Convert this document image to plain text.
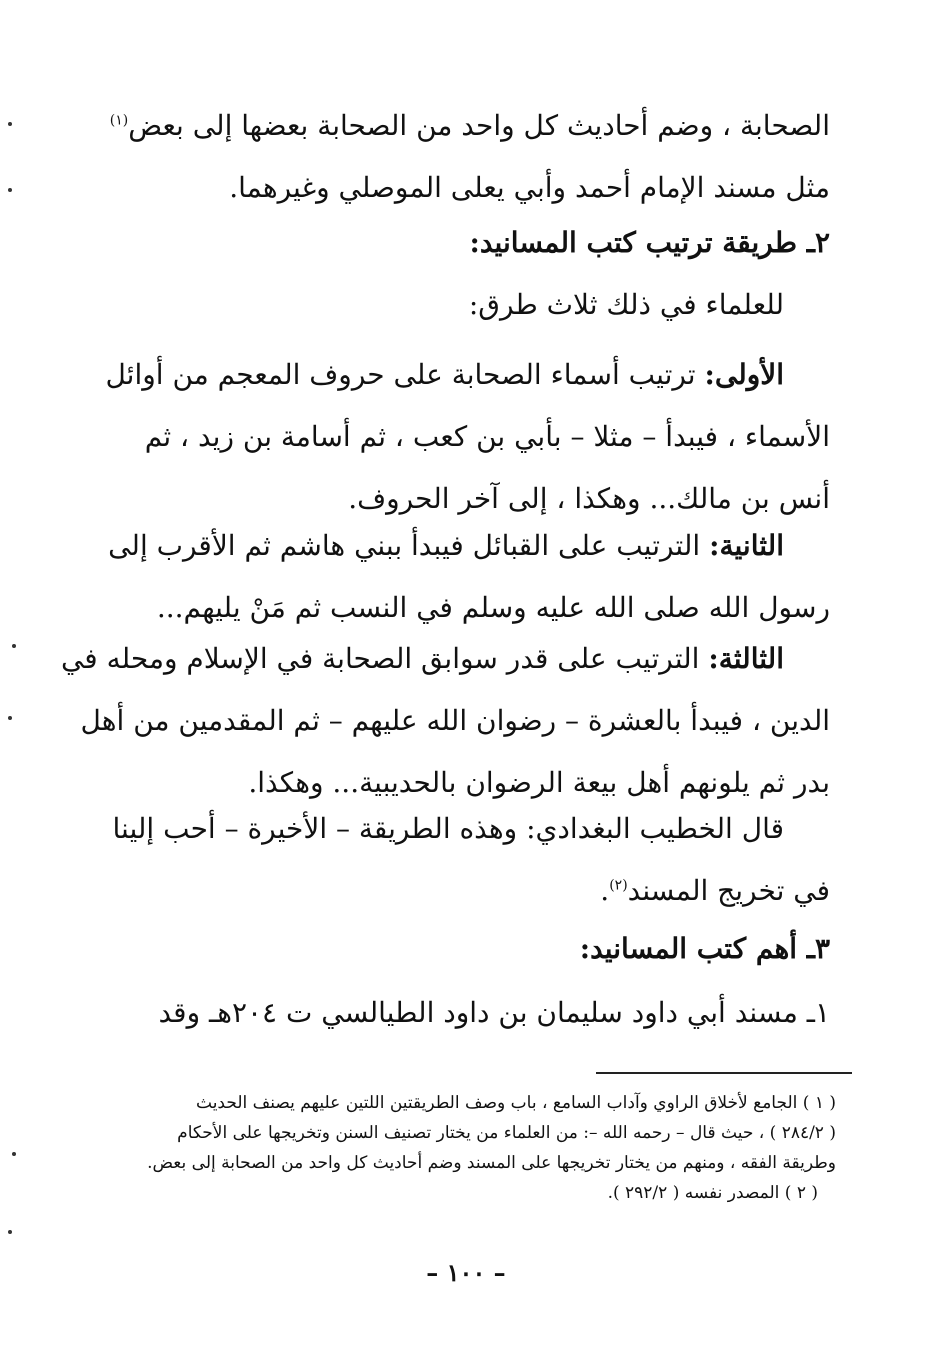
الصحابة ، وضم أحاديث كل واحد من الصحابة بعضها إلى بعض$^{(١)}$
مثل مسند الإمام أحمد وأبي يعلى الموصلي وغيرهما.
٢ـ طريقة ترتيب كتب المسانيد:
للعلماء في ذلك ثلاث طرق:
الأولى: ترتيب أسماء الصحابة على حروف المعجم من أوائل
الأسماء ، فيبدأ – مثلا – بأبي بن كعب ، ثم أسامة بن زيد ، ثم
أنس بن مالك... وهكذا ، إلى آخر الحروف.
الثانية: الترتيب على القبائل فيبدأ ببني هاشم ثم الأقرب إلى
رسول الله صلى الله عليه وسلم في النسب ثم مَنْ يليهم...
الثالثة: الترتيب على قدر سوابق الصحابة في الإسلام ومحله في
الدين ، فيبدأ بالعشرة – رضوان الله عليهم – ثم المقدمين من أهل
بدر ثم يلونهم أهل بيعة الرضوان بالحديبية... وهكذا.
قال الخطيب البغدادي: وهذه الطريقة – الأخيرة – أحب إلينا
في تخريج المسند$^{(٢)}$.
٣ـ أهم كتب المسانيد:
١ـ مسند أبي داود سليمان بن داود الطيالسي ت ٢٠٤هـ وقد
( ١ ) الجامع لأخلاق الراوي وآداب السامع ، باب وصف الطريقتين اللتين عليهم يصنف الحديث
( ٢٨٤/٢ ) ، حيث قال – رحمه الله –: من العلماء من يختار تصنيف السنن وتخريجها على الأحكام
وطريقة الفقه ، ومنهم من يختار تخريجها على المسند وضم أحاديث كل واحد من الصحابة إلى بعض.
( ٢ ) المصدر نفسه ( ٢٩٢/٢ ).
– ١٠٠ –
